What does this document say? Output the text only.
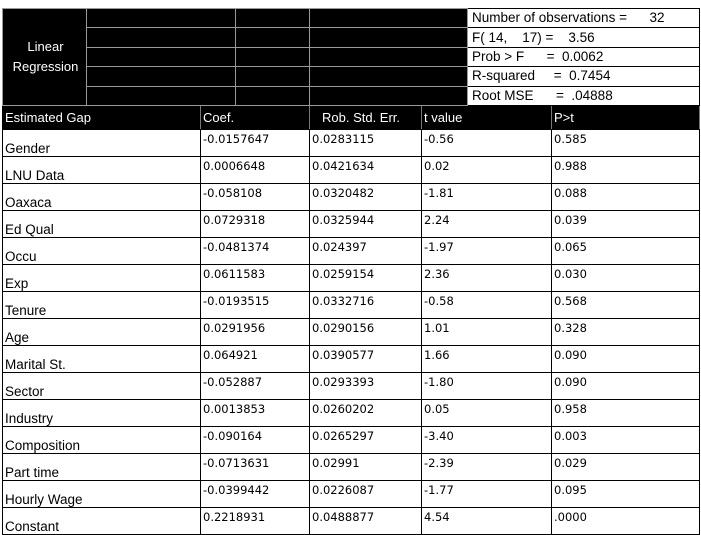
Linear
Regression				Number of observations =      32
				F( 14,    17) =    3.56
				Prob > F      =  0.0062
				R-squared     =  0.7454
				Root MSE      =  .04888
Estimated Gap	Coef.	Rob. Std. Err.	t value	P>t
Gender	-0.0157647	0.0283115	-0.56	0.585
LNU Data	0.0006648	0.0421634	0.02	0.988
Oaxaca	-0.058108	0.0320482	-1.81	0.088
Ed Qual	0.0729318	0.0325944	2.24	0.039
Occu	-0.0481374	0.024397	-1.97	0.065
Exp	0.0611583	0.0259154	2.36	0.030
Tenure	-0.0193515	0.0332716	-0.58	0.568
Age	0.0291956	0.0290156	1.01	0.328
Marital St.	0.064921	0.0390577	1.66	0.090
Sector	-0.052887	0.0293393	-1.80	0.090
Industry	0.0013853	0.0260202	0.05	0.958
Composition	-0.090164	0.0265297	-3.40	0.003
Part time	-0.0713631	0.02991	-2.39	0.029
Hourly Wage	-0.0399442	0.0226087	-1.77	0.095
Constant	0.2218931	0.0488877	4.54	.0000
